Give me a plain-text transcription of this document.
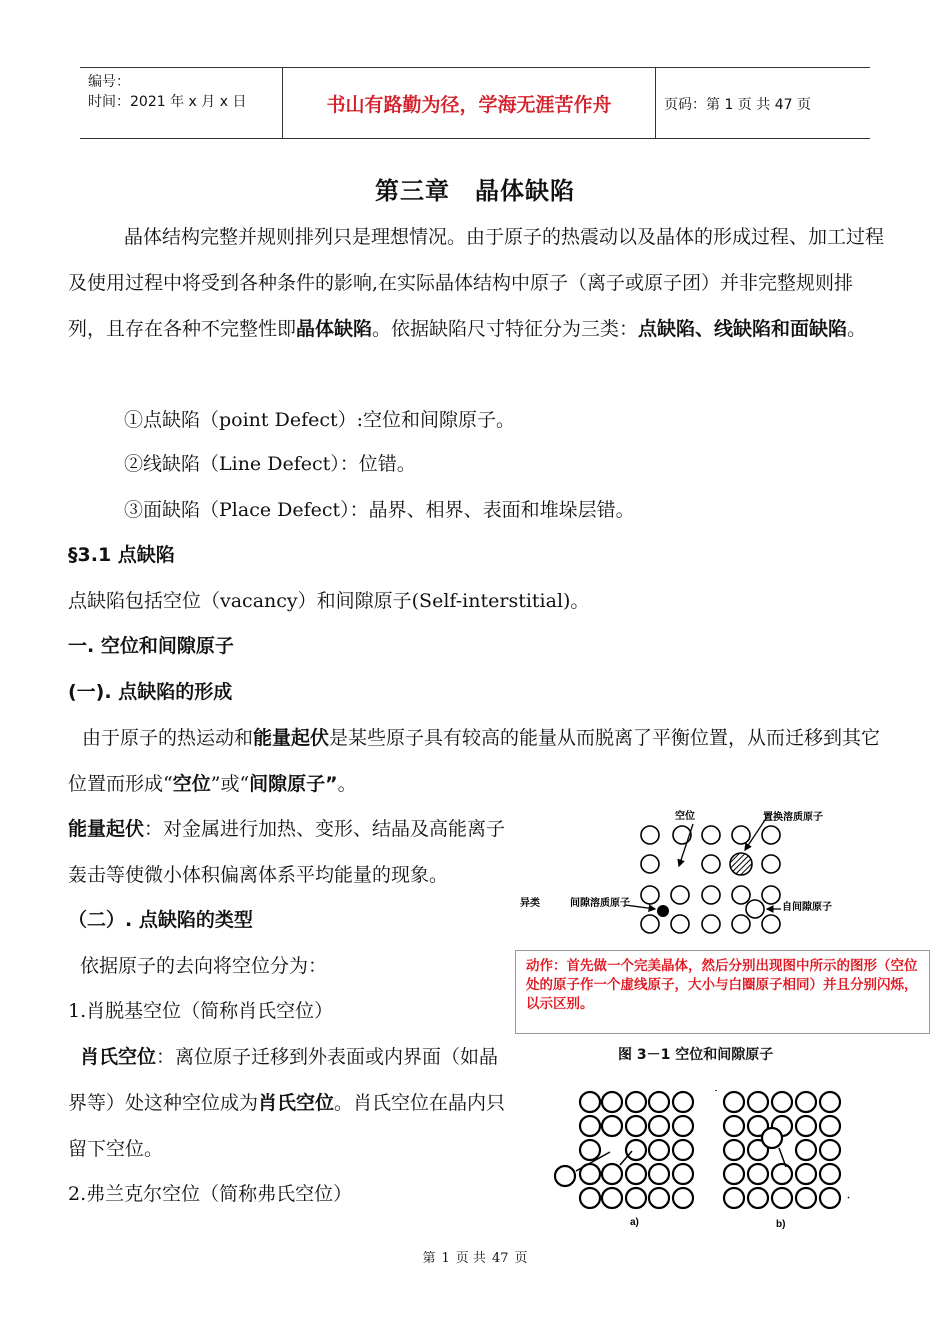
编号：
时间：2021 年 x 月 x 日	书山有路勤为径，学海无涯苦作舟	页码：第 1 页 共 47 页
第三章　晶体缺陷
晶体结构完整并规则排列只是理想情况。由于原子的热震动以及晶体的形成过程、加工过程及使用过程中将受到各种条件的影响,在实际晶体结构中原子（离子或原子团）并非完整规则排列，且存在各种不完整性即晶体缺陷。依据缺陷尺寸特征分为三类：点缺陷、线缺陷和面缺陷。
①点缺陷（point Defect）:空位和间隙原子。
②线缺陷（Line Defect）：位错。
③面缺陷（Place Defect）：晶界、相界、表面和堆垛层错。
§3.1 点缺陷
点缺陷包括空位（vacancy）和间隙原子(Self-interstitial)。
一. 空位和间隙原子
(一). 点缺陷的形成
由于原子的热运动和能量起伏是某些原子具有较高的能量从而脱离了平衡位置，从而迁移到其它位置而形成“空位”或“间隙原子”。
能量起伏：对金属进行加热、变形、结晶及高能离子轰击等使微小体积偏离体系平均能量的现象。
（二）. 点缺陷的类型
依据原子的去向将空位分为：
1.肖脱基空位（简称肖氏空位）
肖氏空位：离位原子迁移到外表面或内界面（如晶界等）处这种空位成为肖氏空位。肖氏空位在晶内只留下空位。
2.弗兰克尔空位（简称弗氏空位）
空位	置换溶质原子
异类	间隙溶质原子	自间隙原子
动作：首先做一个完美晶体，然后分别出现图中所示的图形（空位处的原子作一个虚线原子，大小与白圈原子相同）并且分别闪烁，以示区别。
图 3－1 空位和间隙原子
a)	b)
第 1 页 共 47 页
